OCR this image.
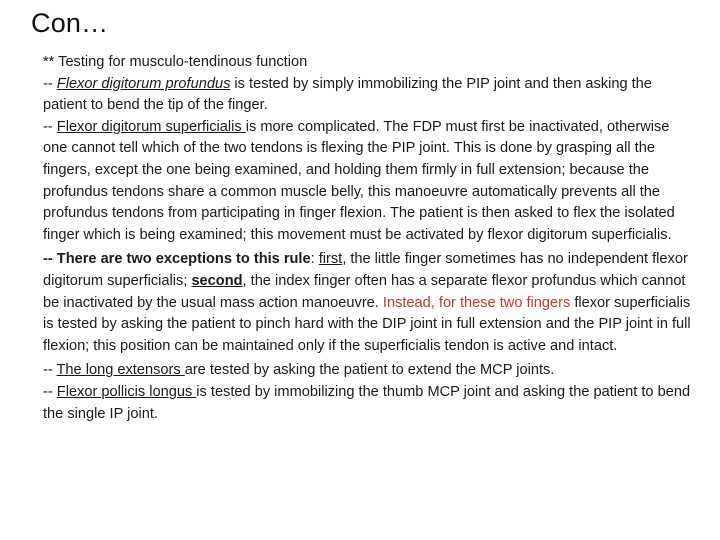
Con…

** Testing for musculo-tendinous function

-- Flexor digitorum profundus is tested by simply immobilizing the PIP joint and then asking the patient to bend the tip of the finger.

-- Flexor digitorum superficialis is more complicated. The FDP must first be inactivated, otherwise one cannot tell which of the two tendons is flexing the PIP joint. This is done by grasping all the fingers, except the one being examined, and holding them firmly in full extension; because the profundus tendons share a common muscle belly, this manoeuvre automatically prevents all the profundus tendons from participating in finger flexion. The patient is then asked to flex the isolated finger which is being examined; this movement must be activated by flexor digitorum superficialis.

-- There are two exceptions to this rule: first, the little finger sometimes has no independent flexor digitorum superficialis; second, the index finger often has a separate flexor profundus which cannot be inactivated by the usual mass action manoeuvre. Instead, for these two fingers flexor superficialis is tested by asking the patient to pinch hard with the DIP joint in full extension and the PIP joint in full flexion; this position can be maintained only if the superficialis tendon is active and intact.

-- The long extensors are tested by asking the patient to extend the MCP joints.

-- Flexor pollicis longus is tested by immobilizing the thumb MCP joint and asking the patient to bend the single IP joint.
